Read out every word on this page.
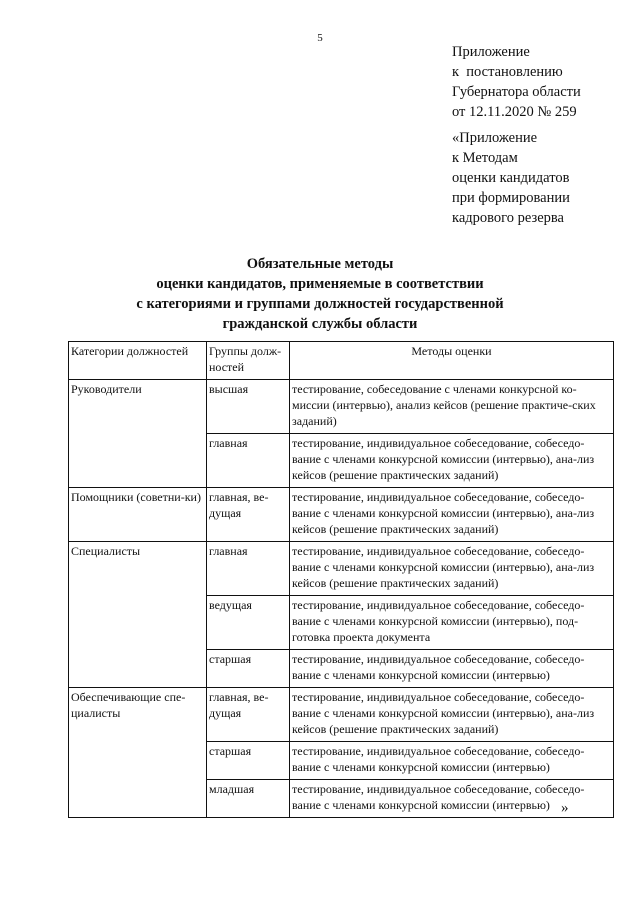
5
Приложение
к  постановлению
Губернатора области
от 12.11.2020 № 259
«Приложение
к Методам
оценки кандидатов
при формировании
кадрового резерва
Обязательные методы
оценки кандидатов, применяемые в соответствии
с категориями и группами должностей государственной
гражданской службы области
Категории должностей	Группы долж-ностей	Методы оценки
Руководители	высшая	тестирование, собеседование с членами конкурсной ко-миссии (интервью), анализ кейсов (решение практиче-ских заданий)
	главная	тестирование, индивидуальное собеседование, собеседо-вание с членами конкурсной комиссии (интервью), ана-лиз кейсов (решение практических заданий)
Помощники (советни-ки)	главная, ве-дущая	тестирование, индивидуальное собеседование, собеседо-вание с членами конкурсной комиссии (интервью), ана-лиз кейсов (решение практических заданий)
Специалисты	главная	тестирование, индивидуальное собеседование, собеседо-вание с членами конкурсной комиссии (интервью), ана-лиз кейсов (решение практических заданий)
	ведущая	тестирование, индивидуальное собеседование, собеседо-вание с членами конкурсной комиссии (интервью), под-готовка проекта документа
	старшая	тестирование, индивидуальное собеседование, собеседо-вание с членами конкурсной комиссии (интервью)
Обеспечивающие спе-циалисты	главная, ве-дущая	тестирование, индивидуальное собеседование, собеседо-вание с членами конкурсной комиссии (интервью), ана-лиз кейсов (решение практических заданий)
	старшая	тестирование, индивидуальное собеседование, собеседо-вание с членами конкурсной комиссии (интервью)
	младшая	тестирование, индивидуальное собеседование, собеседо-вание с членами конкурсной комиссии (интервью) »
